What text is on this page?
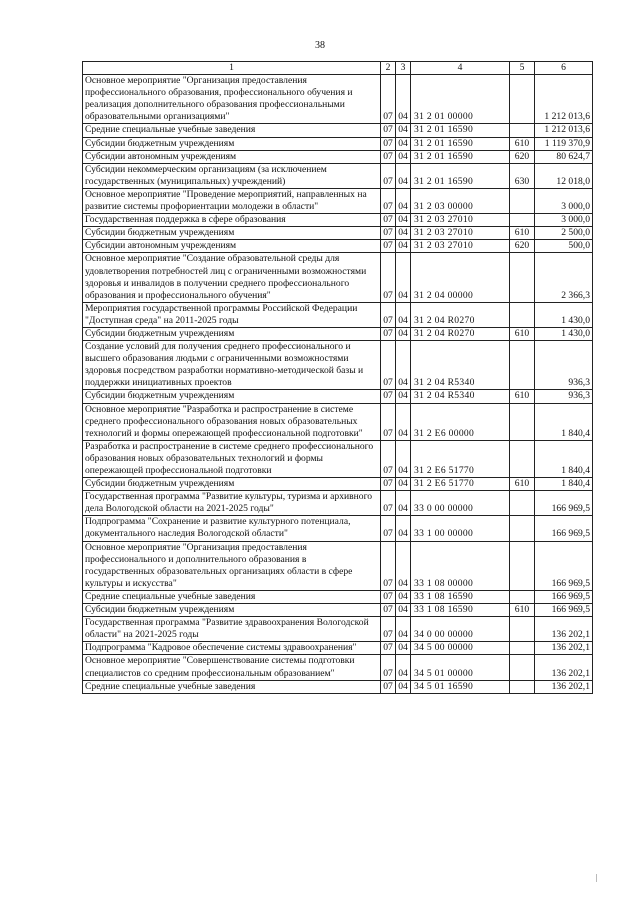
38
1	2	3	4	5	6
Основное мероприятие "Организация предоставления профессионального образования, профессионального обучения и реализация дополнительного образования профессиональными образовательными организациями"	07	04	31 2 01 00000		1 212 013,6
Средние специальные учебные заведения	07	04	31 2 01 16590		1 212 013,6
Субсидии бюджетным учреждениям	07	04	31 2 01 16590	610	1 119 370,9
Субсидии автономным учреждениям	07	04	31 2 01 16590	620	80 624,7
Субсидии некоммерческим организациям (за исключением государственных (муниципальных) учреждений)	07	04	31 2 01 16590	630	12 018,0
Основное мероприятие "Проведение мероприятий, направленных на развитие системы профориентации молодежи в области"	07	04	31 2 03 00000		3 000,0
Государственная поддержка в сфере образования	07	04	31 2 03 27010		3 000,0
Субсидии бюджетным учреждениям	07	04	31 2 03 27010	610	2 500,0
Субсидии автономным учреждениям	07	04	31 2 03 27010	620	500,0
Основное мероприятие "Создание образовательной среды для удовлетворения потребностей лиц с ограниченными возможностями здоровья и инвалидов в получении среднего профессионального образования и профессионального обучения"	07	04	31 2 04 00000		2 366,3
Мероприятия государственной программы Российской Федерации "Доступная среда" на 2011-2025 годы	07	04	31 2 04 R0270		1 430,0
Субсидии бюджетным учреждениям	07	04	31 2 04 R0270	610	1 430,0
Создание условий для получения среднего профессионального и высшего образования людьми с ограниченными возможностями здоровья посредством разработки нормативно-методической базы и поддержки инициативных проектов	07	04	31 2 04 R5340		936,3
Субсидии бюджетным учреждениям	07	04	31 2 04 R5340	610	936,3
Основное мероприятие "Разработка и распространение в системе среднего профессионального образования новых образовательных технологий и формы опережающей профессиональной подготовки"	07	04	31 2 Е6 00000		1 840,4
Разработка и распространение в системе среднего профессионального образования новых образовательных технологий и формы опережающей профессиональной подготовки	07	04	31 2 Е6 51770		1 840,4
Субсидии бюджетным учреждениям	07	04	31 2 Е6 51770	610	1 840,4
Государственная программа "Развитие культуры, туризма и архивного дела Вологодской области на 2021-2025 годы"	07	04	33 0 00 00000		166 969,5
Подпрограмма "Сохранение и развитие культурного потенциала, документального наследия Вологодской области"	07	04	33 1 00 00000		166 969,5
Основное мероприятие "Организация предоставления профессионального и дополнительного образования в государственных образовательных организациях области в сфере культуры и искусства"	07	04	33 1 08 00000		166 969,5
Средние специальные учебные заведения	07	04	33 1 08 16590		166 969,5
Субсидии бюджетным учреждениям	07	04	33 1 08 16590	610	166 969,5
Государственная программа "Развитие здравоохранения Вологодской области" на 2021-2025 годы	07	04	34 0 00 00000		136 202,1
Подпрограмма "Кадровое обеспечение системы здравоохранения"	07	04	34 5 00 00000		136 202,1
Основное мероприятие "Совершенствование системы подготовки специалистов со средним профессиональным образованием"	07	04	34 5 01 00000		136 202,1
Средние специальные учебные заведения	07	04	34 5 01 16590		136 202,1
|
